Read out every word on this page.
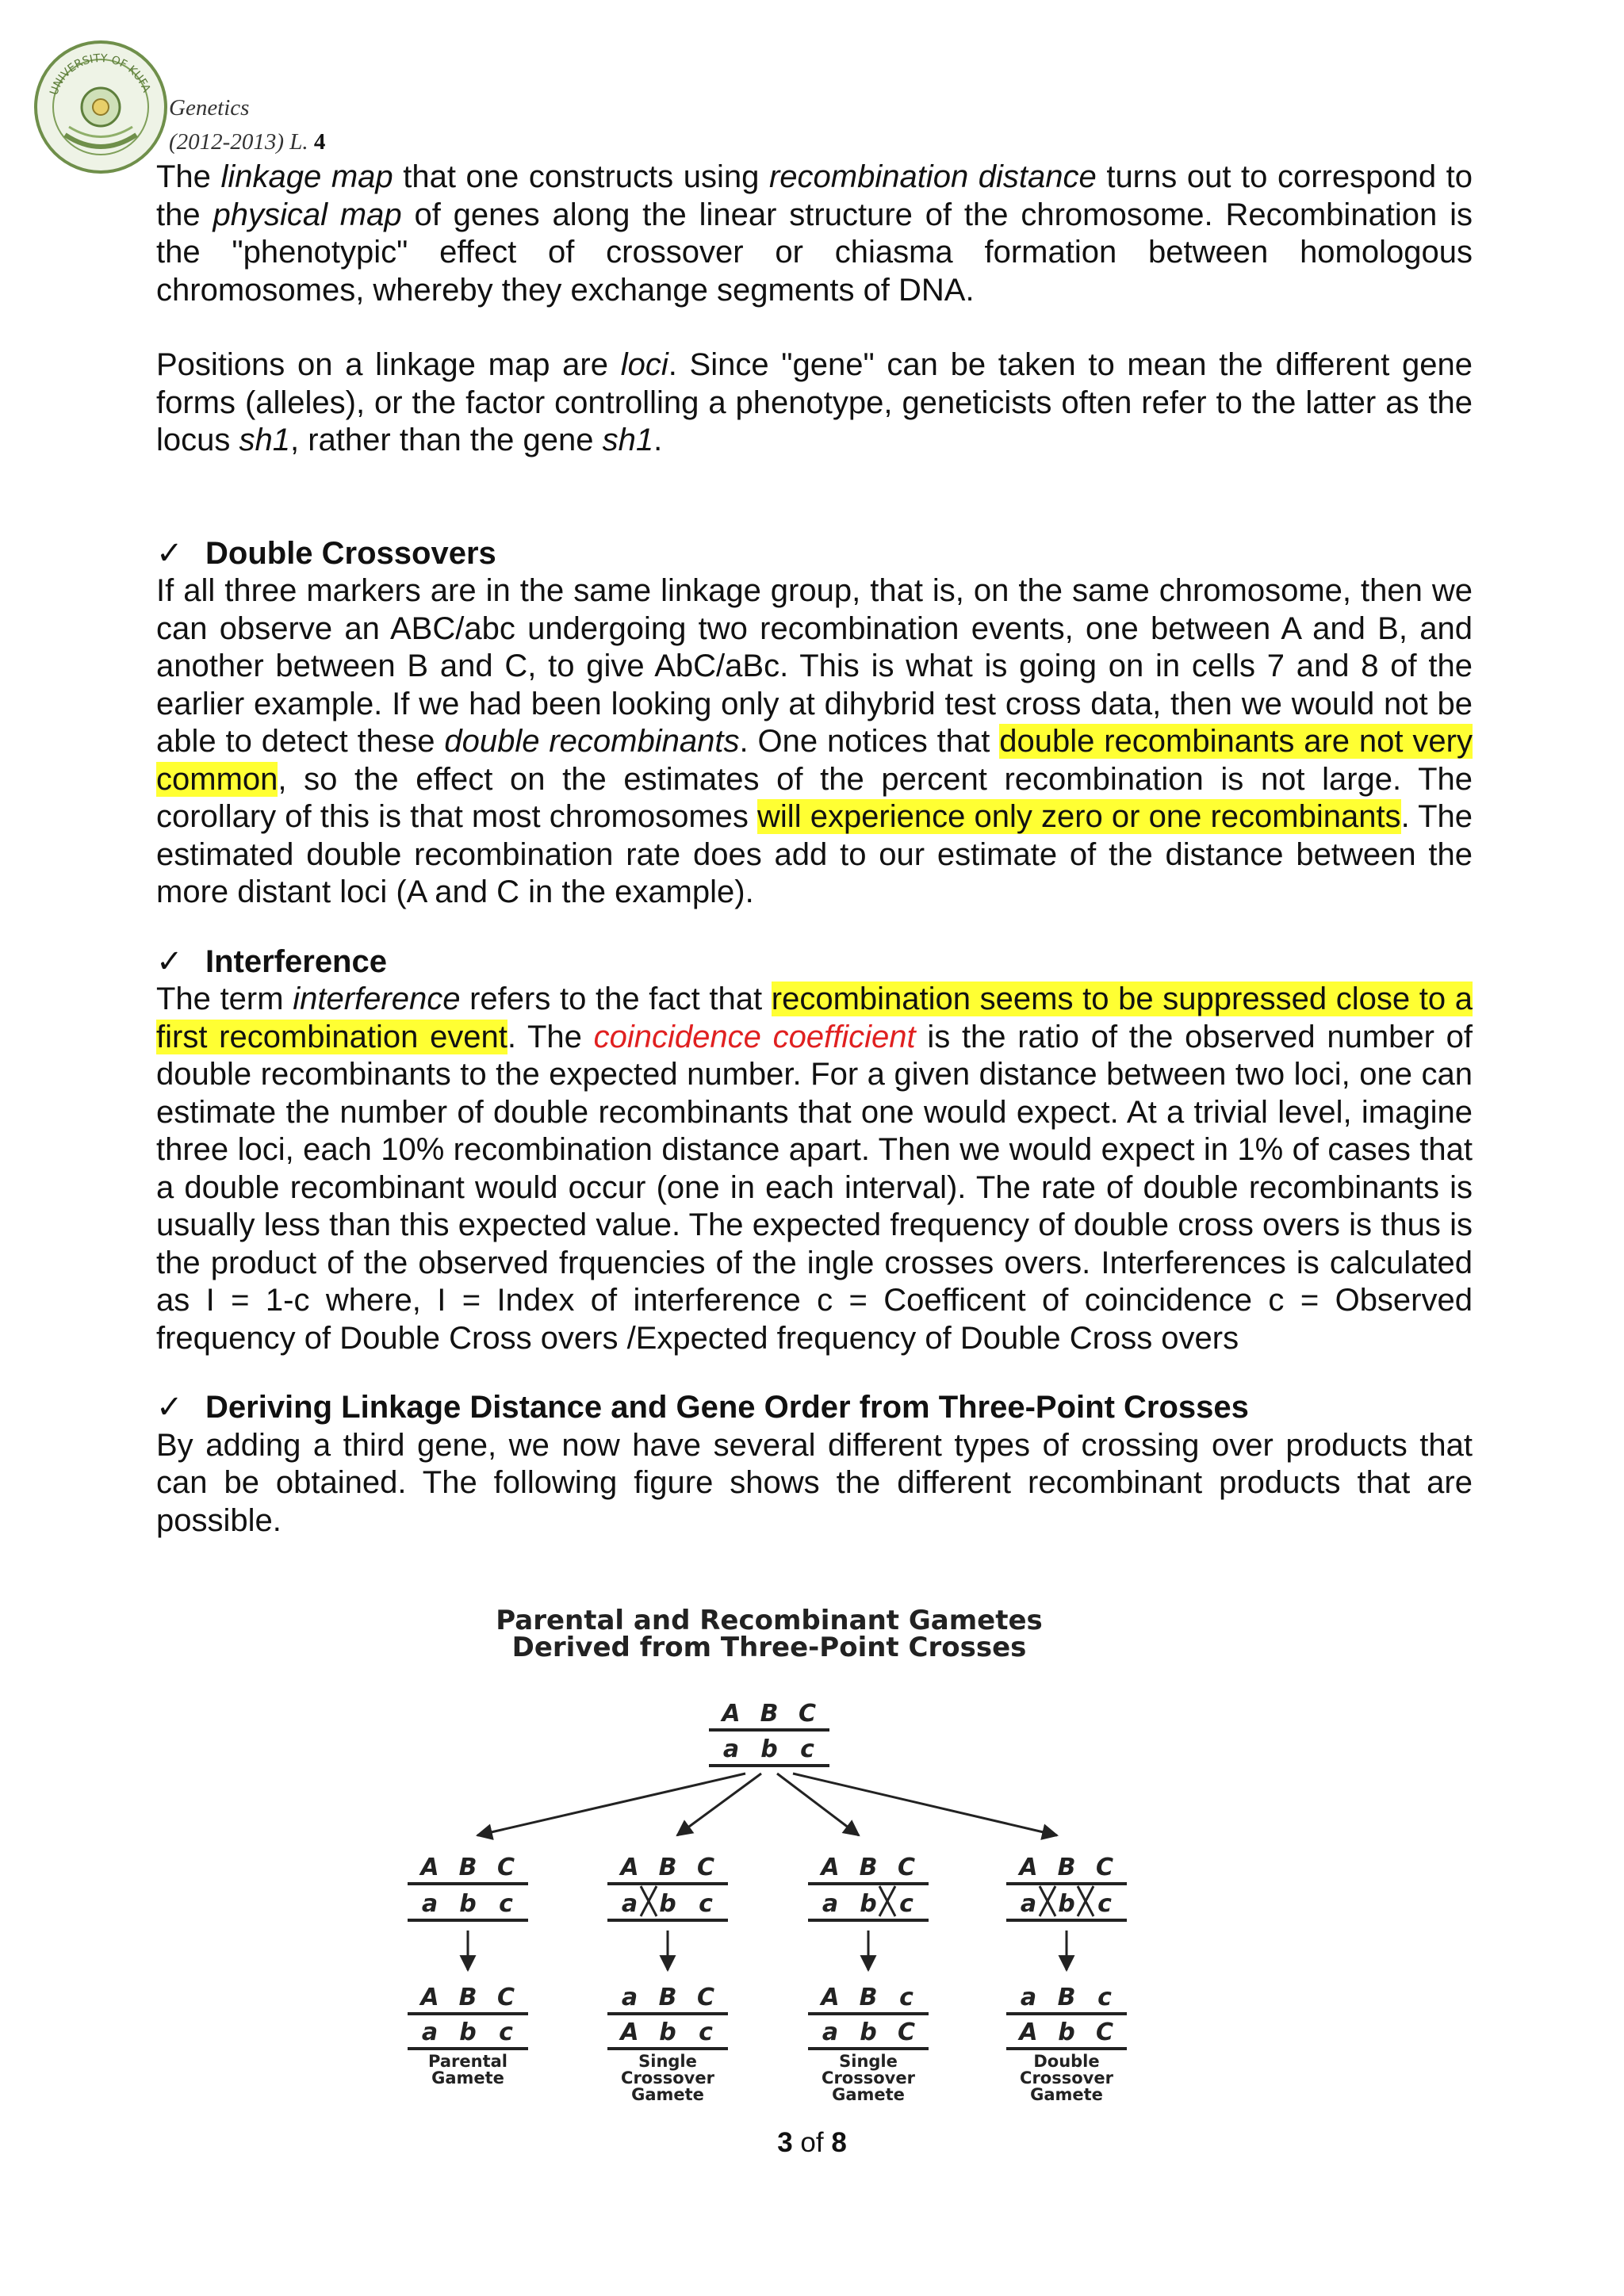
UNIVERSITY OF KUFA
Genetics
(2012-2013) L. 4

The linkage map that one constructs using recombination distance turns out to correspond to the physical map of genes along the linear structure of the chromosome. Recombination is the "phenotypic" effect of crossover or chiasma formation between homologous chromosomes, whereby they exchange segments of DNA.

Positions on a linkage map are loci. Since "gene" can be taken to mean the different gene forms (alleles), or the factor controlling a phenotype, geneticists often refer to the latter as the locus sh1, rather than the gene sh1.

✓ Double Crossovers

If all three markers are in the same linkage group, that is, on the same chromosome, then we can observe an ABC/abc undergoing two recombination events, one between A and B, and another between B and C, to give AbC/aBc. This is what is going on in cells 7 and 8 of the earlier example. If we had been looking only at dihybrid test cross data, then we would not be able to detect these double recombinants. One notices that double recombinants are not very common, so the effect on the estimates of the percent recombination is not large. The corollary of this is that most chromosomes will experience only zero or one recombinants. The estimated double recombination rate does add to our estimate of the distance between the more distant loci (A and C in the example).

✓ Interference

The term interference refers to the fact that recombination seems to be suppressed close to a first recombination event. The coincidence coefficient is the ratio of the observed number of double recombinants to the expected number. For a given distance between two loci, one can estimate the number of double recombinants that one would expect. At a trivial level, imagine three loci, each 10% recombination distance apart. Then we would expect in 1% of cases that a double recombinant would occur (one in each interval). The rate of double recombinants is usually less than this expected value. The expected frequency of double cross overs is thus is the product of the observed frquencies of the ingle crosses overs. Interferences is calculated as I = 1-c where, I = Index of interference c = Coefficent of coincidence c = Observed frequency of Double Cross overs /Expected frequency of Double Cross overs

✓ Deriving Linkage Distance and Gene Order from Three-Point Crosses

By adding a third gene, we now have several different types of crossing over products that can be obtained. The following figure shows the different recombinant products that are possible.

Parental and Recombinant Gametes
Derived from Three-Point Crosses
A B C
a b c
A B C
a b c
A B C
a b c
Parental
Gamete
A B C
a b c
a B C
A b c
Single
Crossover
Gamete
A B C
a b c
A B c
a b C
Single
Crossover
Gamete
A B C
a b c
a B c
A b C
Double
Crossover
Gamete
3 of 8
